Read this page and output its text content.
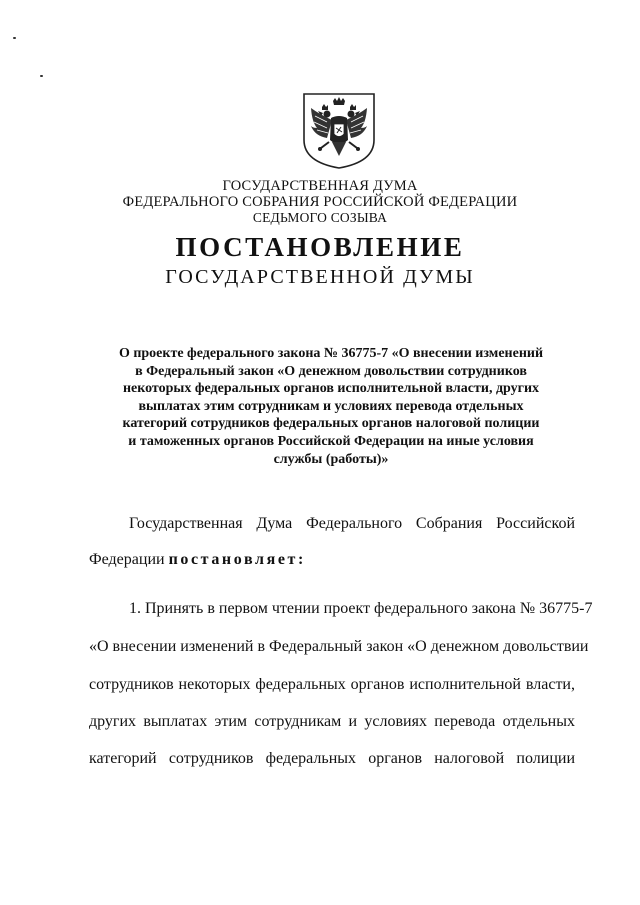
ГОСУДАРСТВЕННАЯ ДУМА
ФЕДЕРАЛЬНОГО СОБРАНИЯ РОССИЙСКОЙ ФЕДЕРАЦИИ
СЕДЬМОГО СОЗЫВА
ПОСТАНОВЛЕНИЕ
ГОСУДАРСТВЕННОЙ ДУМЫ
О проекте федерального закона № 36775-7 «О внесении изменений
в Федеральный закон «О денежном довольствии сотрудников
некоторых федеральных органов исполнительной власти, других
выплатах этим сотрудникам и условиях перевода отдельных
категорий сотрудников федеральных органов налоговой полиции
и таможенных органов Российской Федерации на иные условия
службы (работы)»
Государственная Дума Федерального Собрания Российской
Федерации постановляет:
1. Принять в первом чтении проект федерального закона № 36775-7
«О внесении изменений в Федеральный закон «О денежном довольствии
сотрудников некоторых федеральных органов исполнительной власти,
других выплатах этим сотрудникам и условиях перевода отдельных
категорий сотрудников федеральных органов налоговой полиции
